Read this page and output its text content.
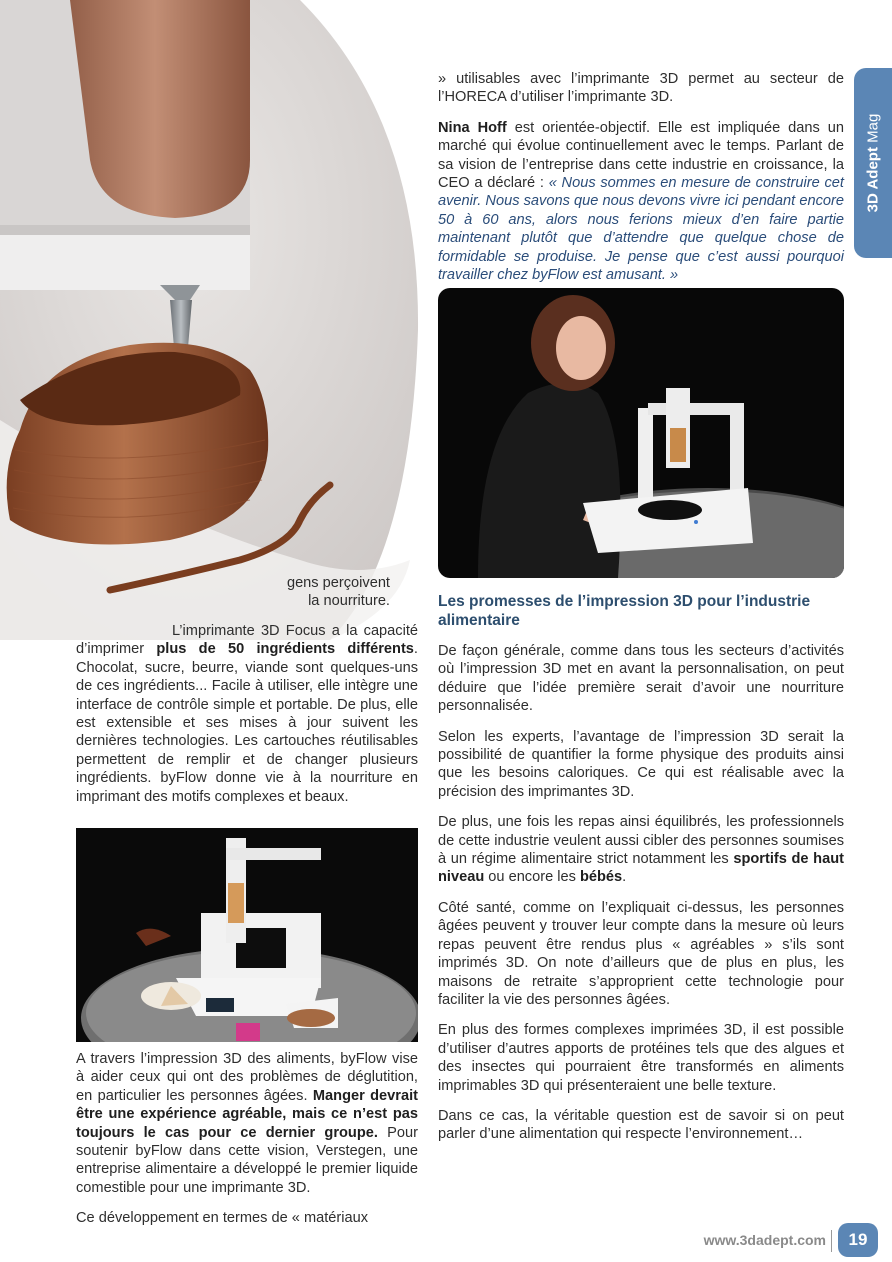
gens perçoivent
la nourriture.

L’imprimante 3D Focus a la capacité d’imprimer plus de 50 ingrédients différents. Chocolat, sucre, beurre, viande sont quelques-uns de ces ingrédients... Facile à utiliser, elle intègre une interface de contrôle simple et portable. De plus, elle est extensible et ses mises à jour suivent les dernières technologies. Les cartouches réutilisables permettent de remplir et de changer plusieurs ingrédients. byFlow donne vie à la nourriture en imprimant des motifs complexes et beaux.

A travers l’impression 3D des aliments, byFlow vise à aider ceux qui ont des problèmes de déglutition, en particulier les personnes âgées. Manger devrait être une expérience agréable, mais ce n’est pas toujours le cas pour ce dernier groupe. Pour soutenir byFlow dans cette vision, Verstegen, une entreprise alimentaire a développé le premier liquide comestible pour une imprimante 3D.

Ce développement en termes de « matériaux

» utilisables avec l’imprimante 3D permet au secteur de l’HORECA d’utiliser l’imprimante 3D.

Nina Hoff est orientée-objectif. Elle est impliquée dans un marché qui évolue continuellement avec le temps. Parlant de sa vision de l’entreprise dans cette industrie en croissance, la CEO a déclaré : « Nous sommes en mesure de construire cet avenir. Nous savons que nous devons vivre ici pendant encore 50 à 60 ans, alors nous ferions mieux d’en faire partie maintenant plutôt que d’attendre que quelque chose de formidable se produise. Je pense que c’est aussi pourquoi travailler chez byFlow est amusant. »

Les promesses de l’impression 3D pour l’industrie alimentaire

De façon générale, comme dans tous les secteurs d’activités où l’impression 3D met en avant la personnalisation, on peut déduire que l’idée première serait d’avoir une nourriture personnalisée.

Selon les experts, l’avantage de l’impression 3D serait la possibilité de quantifier la forme physique des produits ainsi que les besoins caloriques. Ce qui est réalisable avec la précision des imprimantes 3D.

De plus, une fois les repas ainsi équilibrés, les professionnels de cette industrie veulent aussi cibler des personnes soumises à un régime alimentaire strict notamment les sportifs de haut niveau ou encore les bébés.

Côté santé, comme on l’expliquait ci-dessus, les personnes âgées peuvent y trouver leur compte dans la mesure où leurs repas peuvent être rendus plus « agréables » s’ils sont imprimés 3D. On note d’ailleurs que de plus en plus, les maisons de retraite s’approprient cette technologie pour faciliter la vie des personnes âgées.

En plus des formes complexes imprimées 3D, il est possible d’utiliser d’autres apports de protéines tels que des algues et des insectes qui pourraient être transformés en aliments imprimables 3D qui présenteraient une belle texture.

Dans ce cas, la véritable question est de savoir si on peut parler d’une alimentation qui respecte l’environnement…

3D Adept Mag
www.3dadept.com	19
